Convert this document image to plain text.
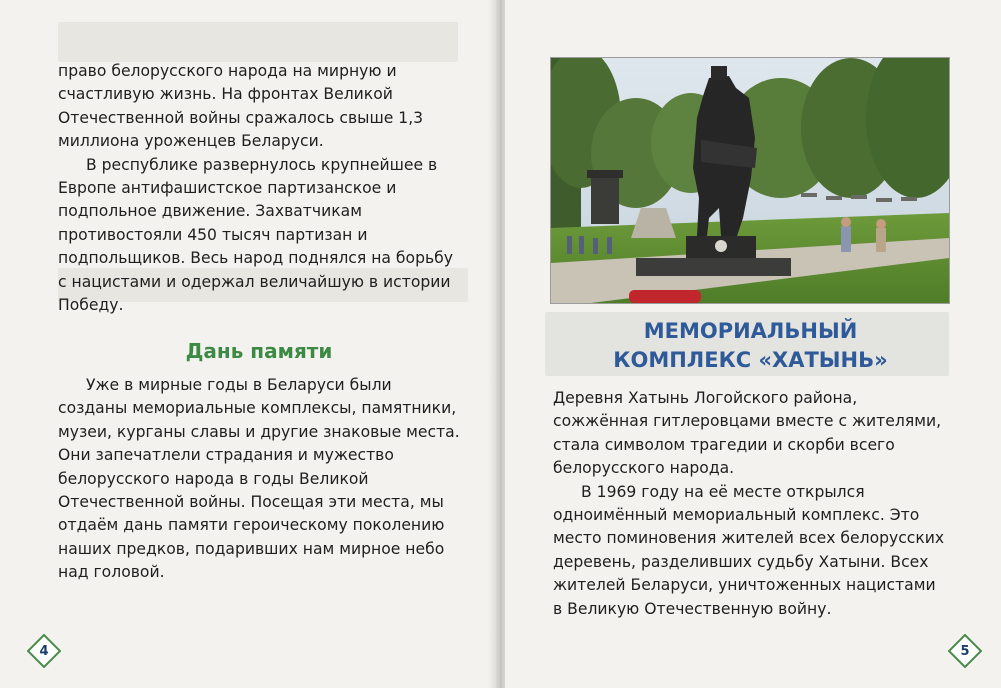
право белорусского народа на мирную и счастливую жизнь. На фронтах Великой Отечественной войны сражалось свыше 1,3 миллиона уроженцев Беларуси.

В республике развернулось крупнейшее в Европе антифашистское партизанское и подпольное движение. Захватчикам противостояли 450 тысяч партизан и подпольщиков. Весь народ поднялся на борьбу с нацистами и одержал величайшую в истории Победу.

Дань памяти

Уже в мирные годы в Беларуси были созданы мемориальные комплексы, памятники, музеи, курганы славы и другие знаковые места. Они запечатлели страдания и мужество белорусского народа в годы Великой Отечественной войны. Посещая эти места, мы отдаём дань памяти героическому поколению наших предков, подаривших нам мирное небо над головой.

4
МЕМОРИАЛЬНЫЙ
КОМПЛЕКС «ХАТЫНЬ»

Деревня Хатынь Логойского района, сожжённая гитлеровцами вместе с жителями, стала символом трагедии и скорби всего белорусского народа.

В 1969 году на её месте открылся одноимённый мемориальный комплекс. Это место поминовения жителей всех белорусских деревень, разделивших судьбу Хатыни. Всех жителей Беларуси, уничтоженных нацистами в Великую Отечественную войну.

5
